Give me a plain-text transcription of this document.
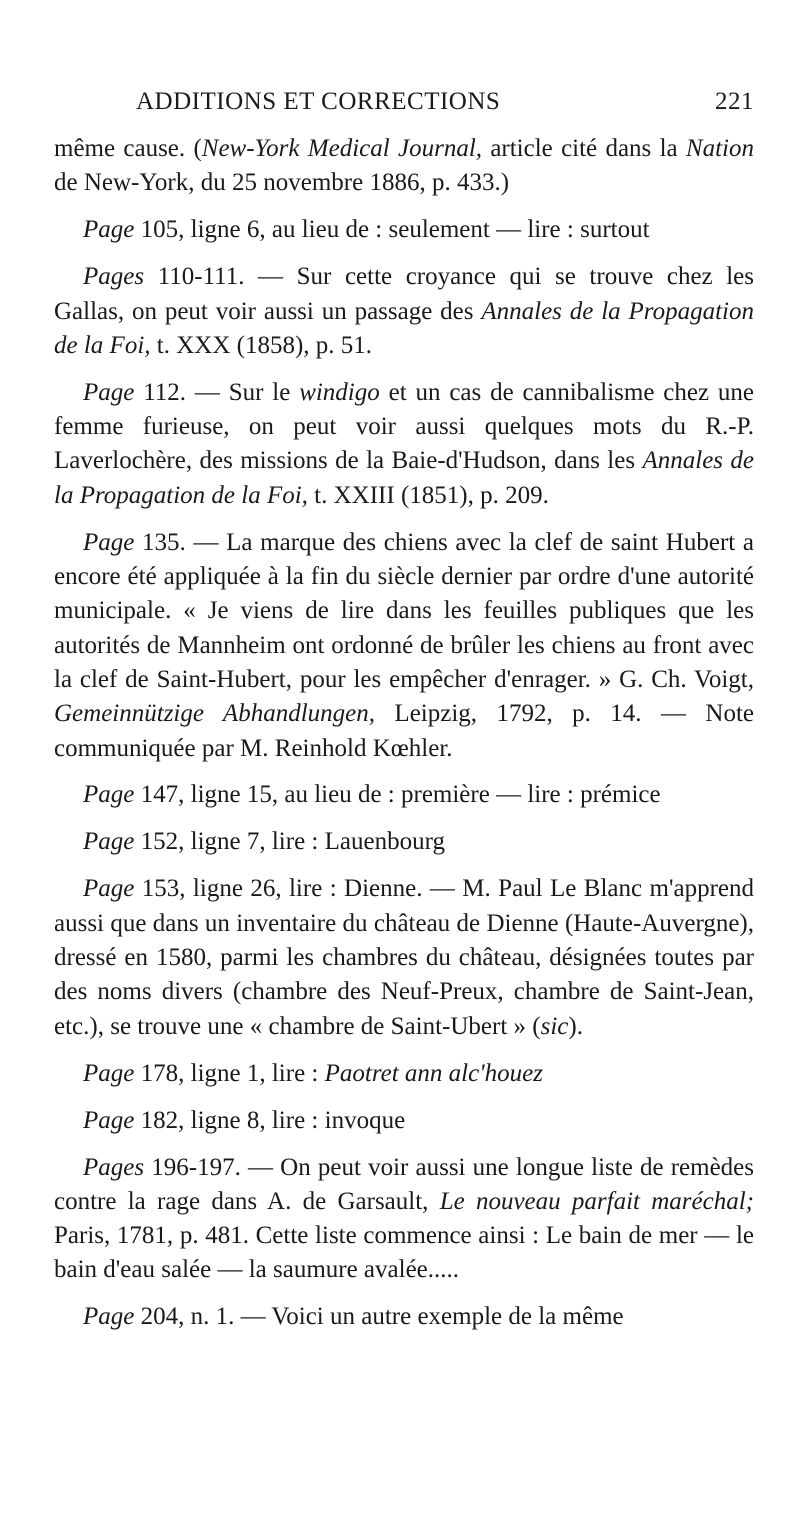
ADDITIONS ET CORRECTIONS	221

même cause. (New-York Medical Journal, article cité dans la Nation de New-York, du 25 novembre 1886, p. 433.)

Page 105, ligne 6, au lieu de : seulement — lire : surtout

Pages 110-111. — Sur cette croyance qui se trouve chez les Gallas, on peut voir aussi un passage des Annales de la Propagation de la Foi, t. XXX (1858), p. 51.

Page 112. — Sur le windigo et un cas de cannibalisme chez une femme furieuse, on peut voir aussi quelques mots du R.-P. Laverlochère, des missions de la Baie-d'Hudson, dans les Annales de la Propagation de la Foi, t. XXIII (1851), p. 209.

Page 135. — La marque des chiens avec la clef de saint Hubert a encore été appliquée à la fin du siècle dernier par ordre d'une autorité municipale. « Je viens de lire dans les feuilles publiques que les autorités de Mannheim ont ordonné de brûler les chiens au front avec la clef de Saint-Hubert, pour les empêcher d'enrager. » G. Ch. Voigt, Gemeinnützige Abhandlungen, Leipzig, 1792, p. 14. — Note communiquée par M. Reinhold Kœhler.

Page 147, ligne 15, au lieu de : première — lire : prémice

Page 152, ligne 7, lire : Lauenbourg

Page 153, ligne 26, lire : Dienne. — M. Paul Le Blanc m'apprend aussi que dans un inventaire du château de Dienne (Haute-Auvergne), dressé en 1580, parmi les chambres du château, désignées toutes par des noms divers (chambre des Neuf-Preux, chambre de Saint-Jean, etc.), se trouve une « chambre de Saint-Ubert » (sic).

Page 178, ligne 1, lire : Paotret ann alc'houez

Page 182, ligne 8, lire : invoque

Pages 196-197. — On peut voir aussi une longue liste de remèdes contre la rage dans A. de Garsault, Le nouveau parfait maréchal; Paris, 1781, p. 481. Cette liste commence ainsi : Le bain de mer — le bain d'eau salée — la saumure avalée.....

Page 204, n. 1. — Voici un autre exemple de la même
